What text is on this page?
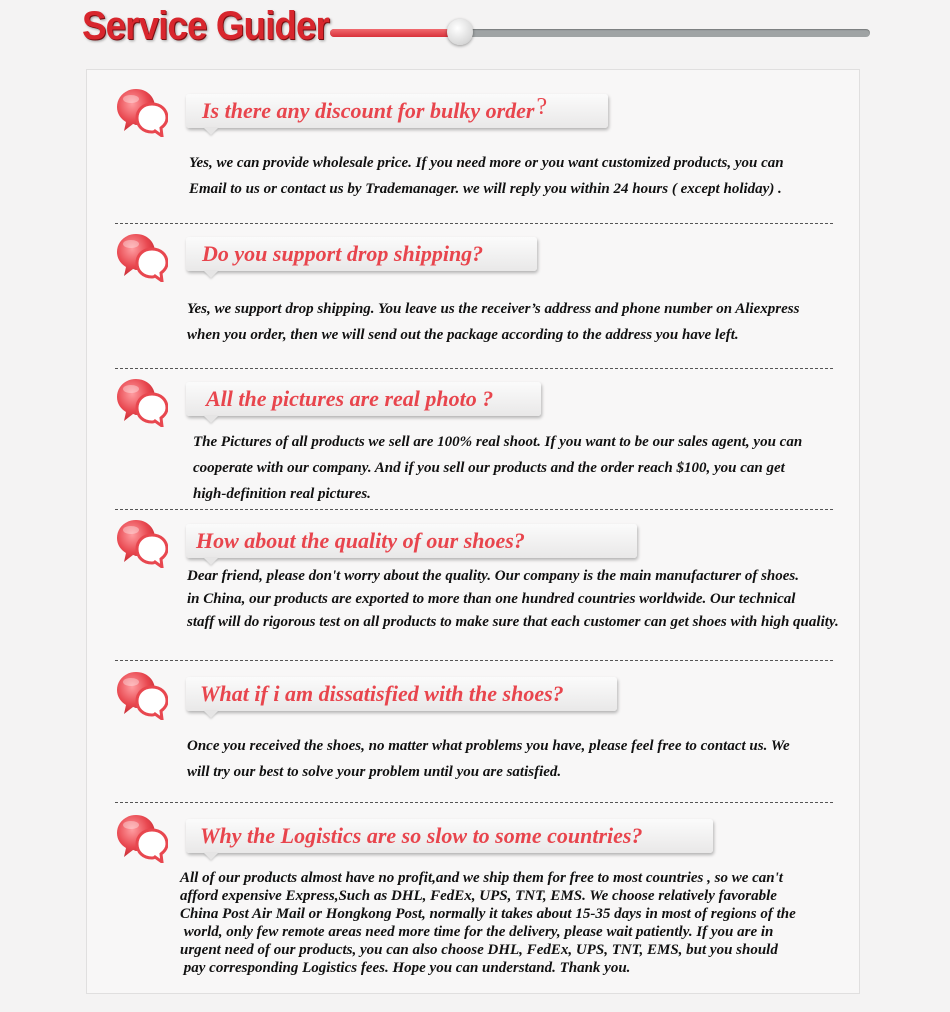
Service Guider
Is there any discount for bulky order?
Yes, we can provide wholesale price. If you need more or you want customized products, you can
Email to us or contact us by Trademanager. we will reply you within 24 hours ( except holiday) .
Do you support drop shipping?
Yes, we support drop shipping. You leave us the receiver’s address and phone number on Aliexpress
when you order, then we will send out the package according to the address you have left.
All the pictures are real photo ?
The Pictures of all products we sell are 100% real shoot. If you want to be our sales agent, you can
cooperate with our company. And if you sell our products and the order reach $100, you can get
high-definition real pictures.
How about the quality of our shoes?
Dear friend, please don't worry about the quality. Our company is the main manufacturer of shoes.
in China, our products are exported to more than one hundred countries worldwide. Our technical
staff will do rigorous test on all products to make sure that each customer can get shoes with high quality.
What if i am dissatisfied with the shoes?
Once you received the shoes, no matter what problems you have, please feel free to contact us. We
will try our best to solve your problem until you are satisfied.
Why the Logistics are so slow to some countries?
All of our products almost have no profit,and we ship them for free to most countries , so we can't
afford expensive Express,Such as DHL, FedEx, UPS, TNT, EMS. We choose relatively favorable
China Post Air Mail or Hongkong Post, normally it takes about 15-35 days in most of regions of the
world, only few remote areas need more time for the delivery, please wait patiently. If you are in
urgent need of our products, you can also choose DHL, FedEx, UPS, TNT, EMS, but you should
pay corresponding Logistics fees. Hope you can understand. Thank you.
